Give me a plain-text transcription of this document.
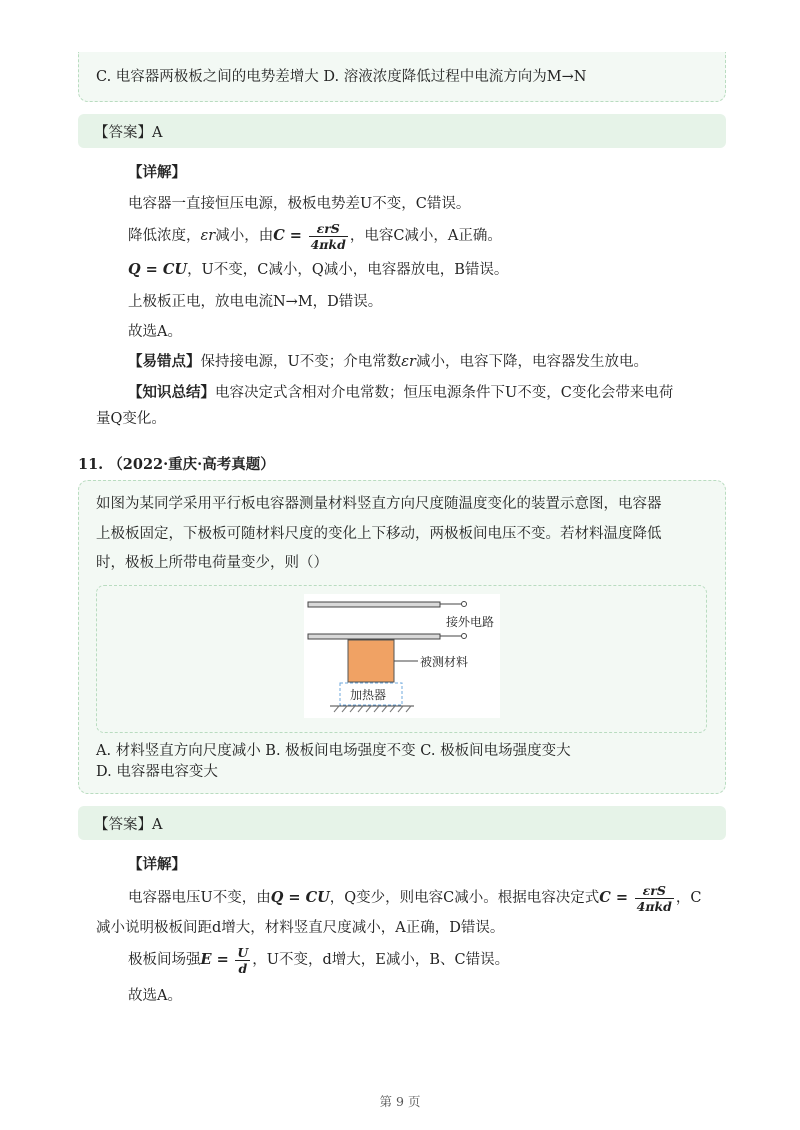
C. 电容器两极板之间的电势差增大 D. 溶液浓度降低过程中电流方向为M→N
【答案】A
【详解】
电容器一直接恒压电源，极板电势差U不变，C错误。
降低浓度，εr减小，由$C = \frac{\text{εrS}}{\text{4πkd}}$ ，电容C减小，A正确。
Q = CU，U不变，C减小，Q减小，电容器放电，B错误。
上极板正电，放电电流N→M，D错误。
故选A。
【易错点】保持接电源，U不变；介电常数εr减小，电容下降，电容器发生放电。
【知识总结】电容决定式含相对介电常数；恒压电源条件下U不变，C变化会带来电荷
量Q变化。
11. （2022·重庆·高考真题）
如图为某同学采用平行板电容器测量材料竖直方向尺度随温度变化的装置示意图，电容器
上极板固定，下极板可随材料尺度的变化上下移动，两极板间电压不变。若材料温度降低
时，极板上所带电荷量变少，则（）
接外电路
被测材料
加热器
A. 材料竖直方向尺度减小 B. 极板间电场强度不变 C. 极板间电场强度变大
D. 电容器电容变大
【答案】A
【详解】
电容器电压U不变，由Q = CU，Q变少，则电容C减小。根据电容决定式$C = \frac{\text{εrS}}{\text{4πkd}}$ ，C
减小说明极板间距d增大，材料竖直尺度减小，A正确，D错误。
极板间场强$E = \frac{U}{d}$ ，U不变，d增大，E减小，B、C错误。
故选A。
第 9 页
